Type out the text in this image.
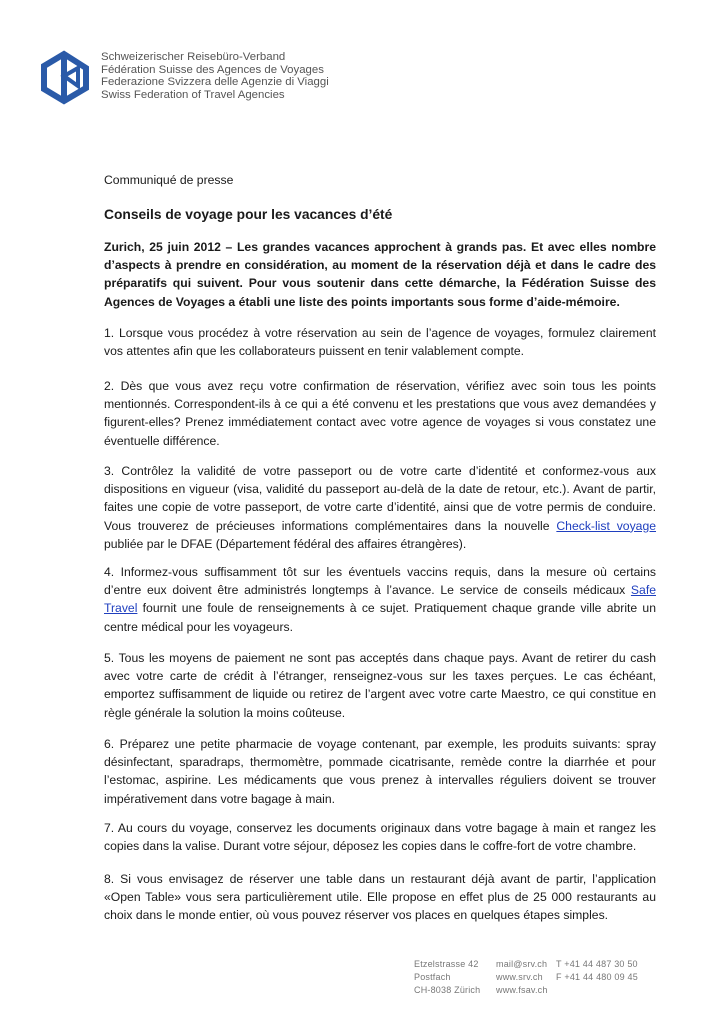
Schweizerischer Reisebüro-Verband
Fédération Suisse des Agences de Voyages
Federazione Svizzera delle Agenzie di Viaggi
Swiss Federation of Travel Agencies

Communiqué de presse

Conseils de voyage pour les vacances d’été

Zurich, 25 juin 2012 – Les grandes vacances approchent à grands pas. Et avec elles nombre d’aspects à prendre en considération, au moment de la réservation déjà et dans le cadre des préparatifs qui suivent. Pour vous soutenir dans cette démarche, la Fédération Suisse des Agences de Voyages a établi une liste des points importants sous forme d’aide-mémoire.

1. Lorsque vous procédez à votre réservation au sein de l’agence de voyages, formulez clairement vos attentes afin que les collaborateurs puissent en tenir valablement compte.

2. Dès que vous avez reçu votre confirmation de réservation, vérifiez avec soin tous les points mentionnés. Correspondent-ils à ce qui a été convenu et les prestations que vous avez demandées y figurent-elles? Prenez immédiatement contact avec votre agence de voyages si vous constatez une éventuelle différence.

3. Contrôlez la validité de votre passeport ou de votre carte d’identité et conformez-vous aux dispositions en vigueur (visa, validité du passeport au-delà de la date de retour, etc.). Avant de partir, faites une copie de votre passeport, de votre carte d’identité, ainsi que de votre permis de conduire. Vous trouverez de précieuses informations complémentaires dans la nouvelle Check-list voyage publiée par le DFAE (Département fédéral des affaires étrangères).

4. Informez-vous suffisamment tôt sur les éventuels vaccins requis, dans la mesure où certains d’entre eux doivent être administrés longtemps à l’avance. Le service de conseils médicaux Safe Travel fournit une foule de renseignements à ce sujet. Pratiquement chaque grande ville abrite un centre médical pour les voyageurs.

5. Tous les moyens de paiement ne sont pas acceptés dans chaque pays. Avant de retirer du cash avec votre carte de crédit à l’étranger, renseignez-vous sur les taxes perçues. Le cas échéant, emportez suffisamment de liquide ou retirez de l’argent avec votre carte Maestro, ce qui constitue en règle générale la solution la moins coûteuse.

6. Préparez une petite pharmacie de voyage contenant, par exemple, les produits suivants: spray désinfectant, sparadraps, thermomètre, pommade cicatrisante, remède contre la diarrhée et pour l’estomac, aspirine. Les médicaments que vous prenez à intervalles réguliers doivent se trouver impérativement dans votre bagage à main.

7. Au cours du voyage, conservez les documents originaux dans votre bagage à main et rangez les copies dans la valise. Durant votre séjour, déposez les copies dans le coffre-fort de votre chambre.

8. Si vous envisagez de réserver une table dans un restaurant déjà avant de partir, l’application «Open Table» vous sera particulièrement utile. Elle propose en effet plus de 25 000 restaurants au choix dans le monde entier, où vous pouvez réserver vos places en quelques étapes simples.

Etzelstrasse 42
Postfach
CH-8038 Zürich
mail@srv.ch
www.srv.ch
www.fsav.ch
T +41 44 487 30 50
F +41 44 480 09 45
